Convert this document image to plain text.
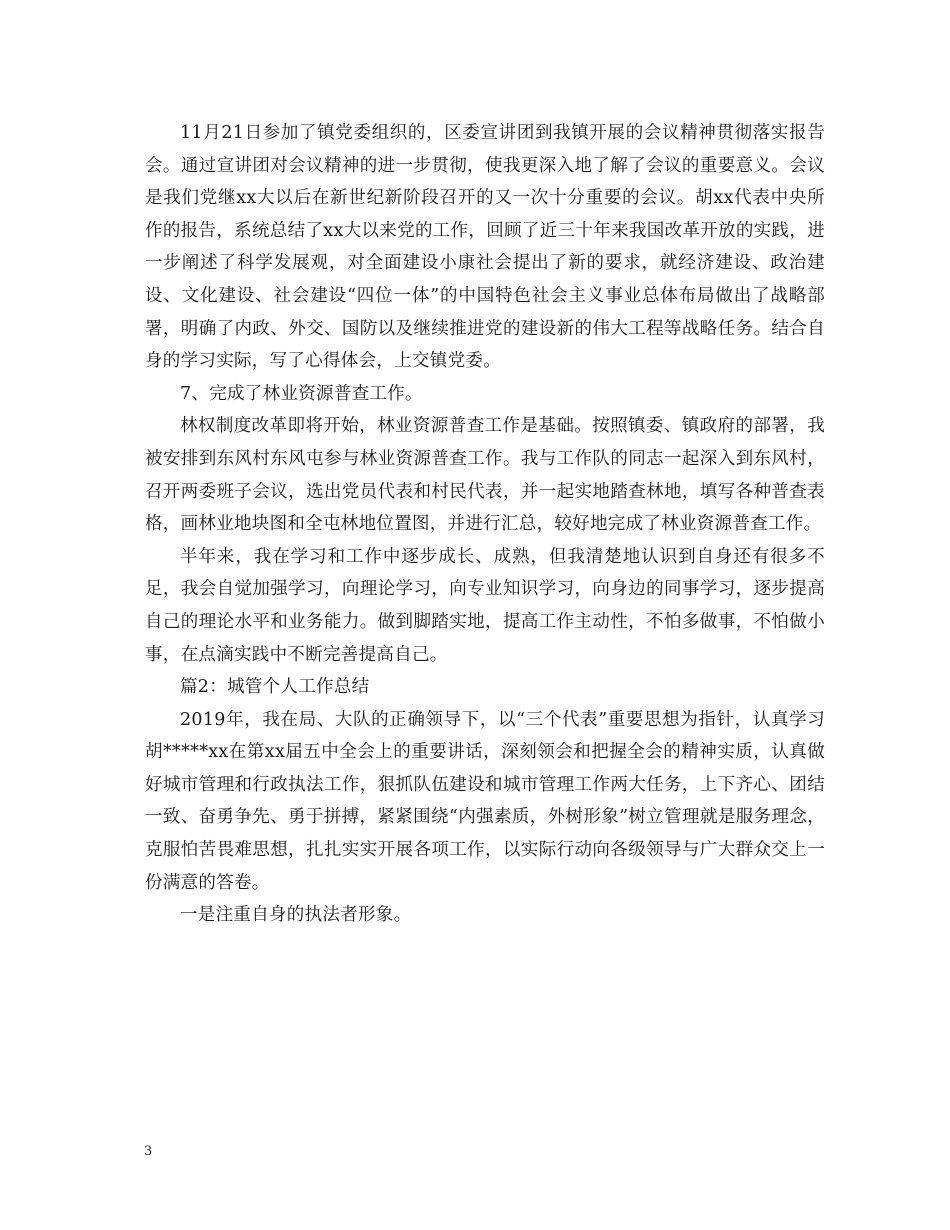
11月21日参加了镇党委组织的，区委宣讲团到我镇开展的会议精神贯彻落实报告会。通过宣讲团对会议精神的进一步贯彻，使我更深入地了解了会议的重要意义。会议是我们党继xx大以后在新世纪新阶段召开的又一次十分重要的会议。胡xx代表中央所作的报告，系统总结了xx大以来党的工作，回顾了近三十年来我国改革开放的实践，进一步阐述了科学发展观，对全面建设小康社会提出了新的要求，就经济建设、政治建设、文化建设、社会建设“四位一体”的中国特色社会主义事业总体布局做出了战略部署，明确了内政、外交、国防以及继续推进党的建设新的伟大工程等战略任务。结合自身的学习实际，写了心得体会，上交镇党委。

7、完成了林业资源普查工作。

林权制度改革即将开始，林业资源普查工作是基础。按照镇委、镇政府的部署，我被安排到东风村东风屯参与林业资源普查工作。我与工作队的同志一起深入到东风村，召开两委班子会议，选出党员代表和村民代表，并一起实地踏查林地，填写各种普查表格，画林业地块图和全屯林地位置图，并进行汇总，较好地完成了林业资源普查工作。

半年来，我在学习和工作中逐步成长、成熟，但我清楚地认识到自身还有很多不足，我会自觉加强学习，向理论学习，向专业知识学习，向身边的同事学习，逐步提高自己的理论水平和业务能力。做到脚踏实地，提高工作主动性，不怕多做事，不怕做小事，在点滴实践中不断完善提高自己。

篇2：城管个人工作总结

2019年，我在局、大队的正确领导下，以“三个代表”重要思想为指针，认真学习胡*****xx在第xx届五中全会上的重要讲话，深刻领会和把握全会的精神实质，认真做好城市管理和行政执法工作，狠抓队伍建设和城市管理工作两大任务，上下齐心、团结一致、奋勇争先、勇于拼搏，紧紧围绕“内强素质，外树形象”树立管理就是服务理念，克服怕苦畏难思想，扎扎实实开展各项工作，以实际行动向各级领导与广大群众交上一份满意的答卷。

一是注重自身的执法者形象。

3
